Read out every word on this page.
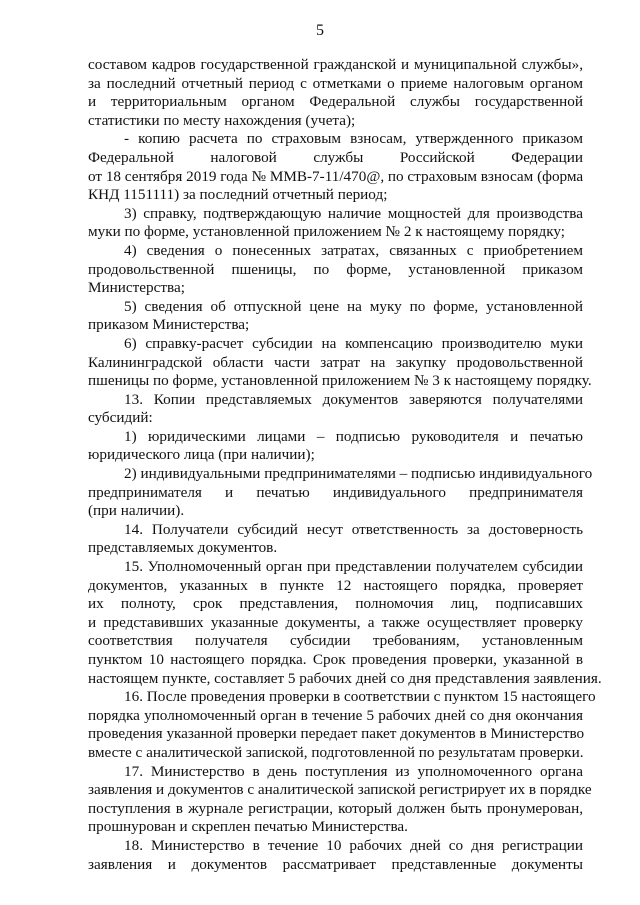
5
составом кадров государственной гражданской и муниципальной службы»,
за последний отчетный период с отметками о приеме налоговым органом
и территориальным органом Федеральной службы государственной
статистики по месту нахождения (учета);
- копию расчета по страховым взносам, утвержденного приказом
Федеральной налоговой службы Российской Федерации
от 18 сентября 2019 года № ММВ-7-11/470@, по страховым взносам (форма
КНД 1151111) за последний отчетный период;
3) справку, подтверждающую наличие мощностей для производства
муки по форме, установленной приложением № 2 к настоящему порядку;
4) сведения о понесенных затратах, связанных с приобретением
продовольственной пшеницы, по форме, установленной приказом
Министерства;
5) сведения об отпускной цене на муку по форме, установленной
приказом Министерства;
6) справку-расчет субсидии на компенсацию производителю муки
Калининградской области части затрат на закупку продовольственной
пшеницы по форме, установленной приложением № 3 к настоящему порядку.
13. Копии представляемых документов заверяются получателями
субсидий:
1) юридическими лицами – подписью руководителя и печатью
юридического лица (при наличии);
2) индивидуальными предпринимателями – подписью индивидуального
предпринимателя и печатью индивидуального предпринимателя
(при наличии).
14. Получатели субсидий несут ответственность за достоверность
представляемых документов.
15. Уполномоченный орган при представлении получателем субсидии
документов, указанных в пункте 12 настоящего порядка, проверяет
их полноту, срок представления, полномочия лиц, подписавших
и представивших указанные документы, а также осуществляет проверку
соответствия получателя субсидии требованиям, установленным
пунктом 10 настоящего порядка. Срок проведения проверки, указанной в
настоящем пункте, составляет 5 рабочих дней со дня представления заявления.
16. После проведения проверки в соответствии с пунктом 15 настоящего
порядка уполномоченный орган в течение 5 рабочих дней со дня окончания
проведения указанной проверки передает пакет документов в Министерство
вместе с аналитической запиской, подготовленной по результатам проверки.
17. Министерство в день поступления из уполномоченного органа
заявления и документов с аналитической запиской регистрирует их в порядке
поступления в журнале регистрации, который должен быть пронумерован,
прошнурован и скреплен печатью Министерства.
18. Министерство в течение 10 рабочих дней со дня регистрации
заявления и документов рассматривает представленные документы
